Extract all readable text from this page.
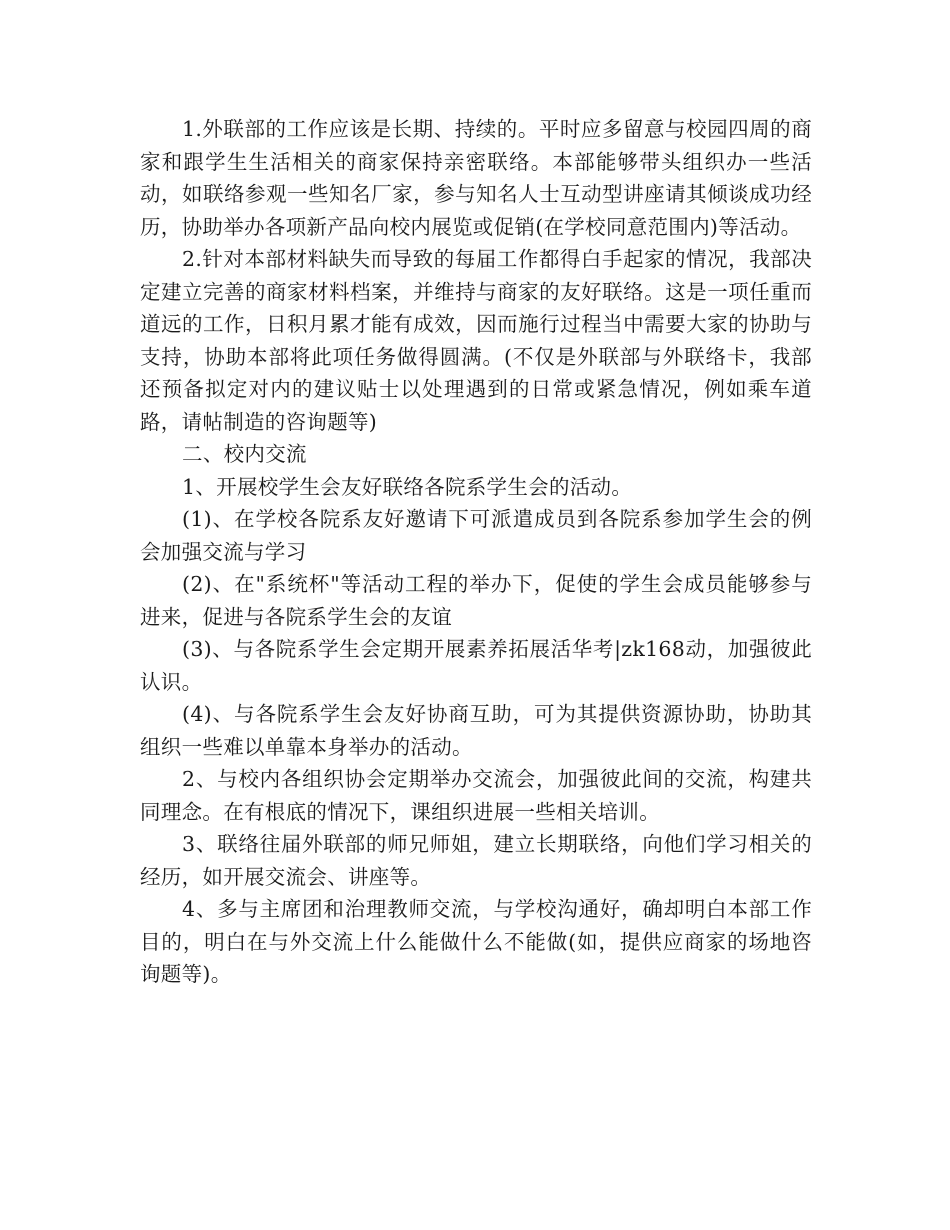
1.外联部的工作应该是长期、持续的。平时应多留意与校园四周的商家和跟学生生活相关的商家保持亲密联络。本部能够带头组织办一些活动，如联络参观一些知名厂家，参与知名人士互动型讲座请其倾谈成功经历，协助举办各项新产品向校内展览或促销(在学校同意范围内)等活动。

2.针对本部材料缺失而导致的每届工作都得白手起家的情况，我部决定建立完善的商家材料档案，并维持与商家的友好联络。这是一项任重而道远的工作，日积月累才能有成效，因而施行过程当中需要大家的协助与支持，协助本部将此项任务做得圆满。(不仅是外联部与外联络卡，我部还预备拟定对内的建议贴士以处理遇到的日常或紧急情况，例如乘车道路，请帖制造的咨询题等)

二、校内交流

1、开展校学生会友好联络各院系学生会的活动。

(1)、在学校各院系友好邀请下可派遣成员到各院系参加学生会的例会加强交流与学习

(2)、在"系统杯"等活动工程的举办下，促使的学生会成员能够参与进来，促进与各院系学生会的友谊

(3)、与各院系学生会定期开展素养拓展活华考|zk168动，加强彼此认识。

(4)、与各院系学生会友好协商互助，可为其提供资源协助，协助其组织一些难以单靠本身举办的活动。

2、与校内各组织协会定期举办交流会，加强彼此间的交流，构建共同理念。在有根底的情况下，课组织进展一些相关培训。

3、联络往届外联部的师兄师姐，建立长期联络，向他们学习相关的经历，如开展交流会、讲座等。

4、多与主席团和治理教师交流，与学校沟通好，确却明白本部工作目的，明白在与外交流上什么能做什么不能做(如，提供应商家的场地咨询题等)。
